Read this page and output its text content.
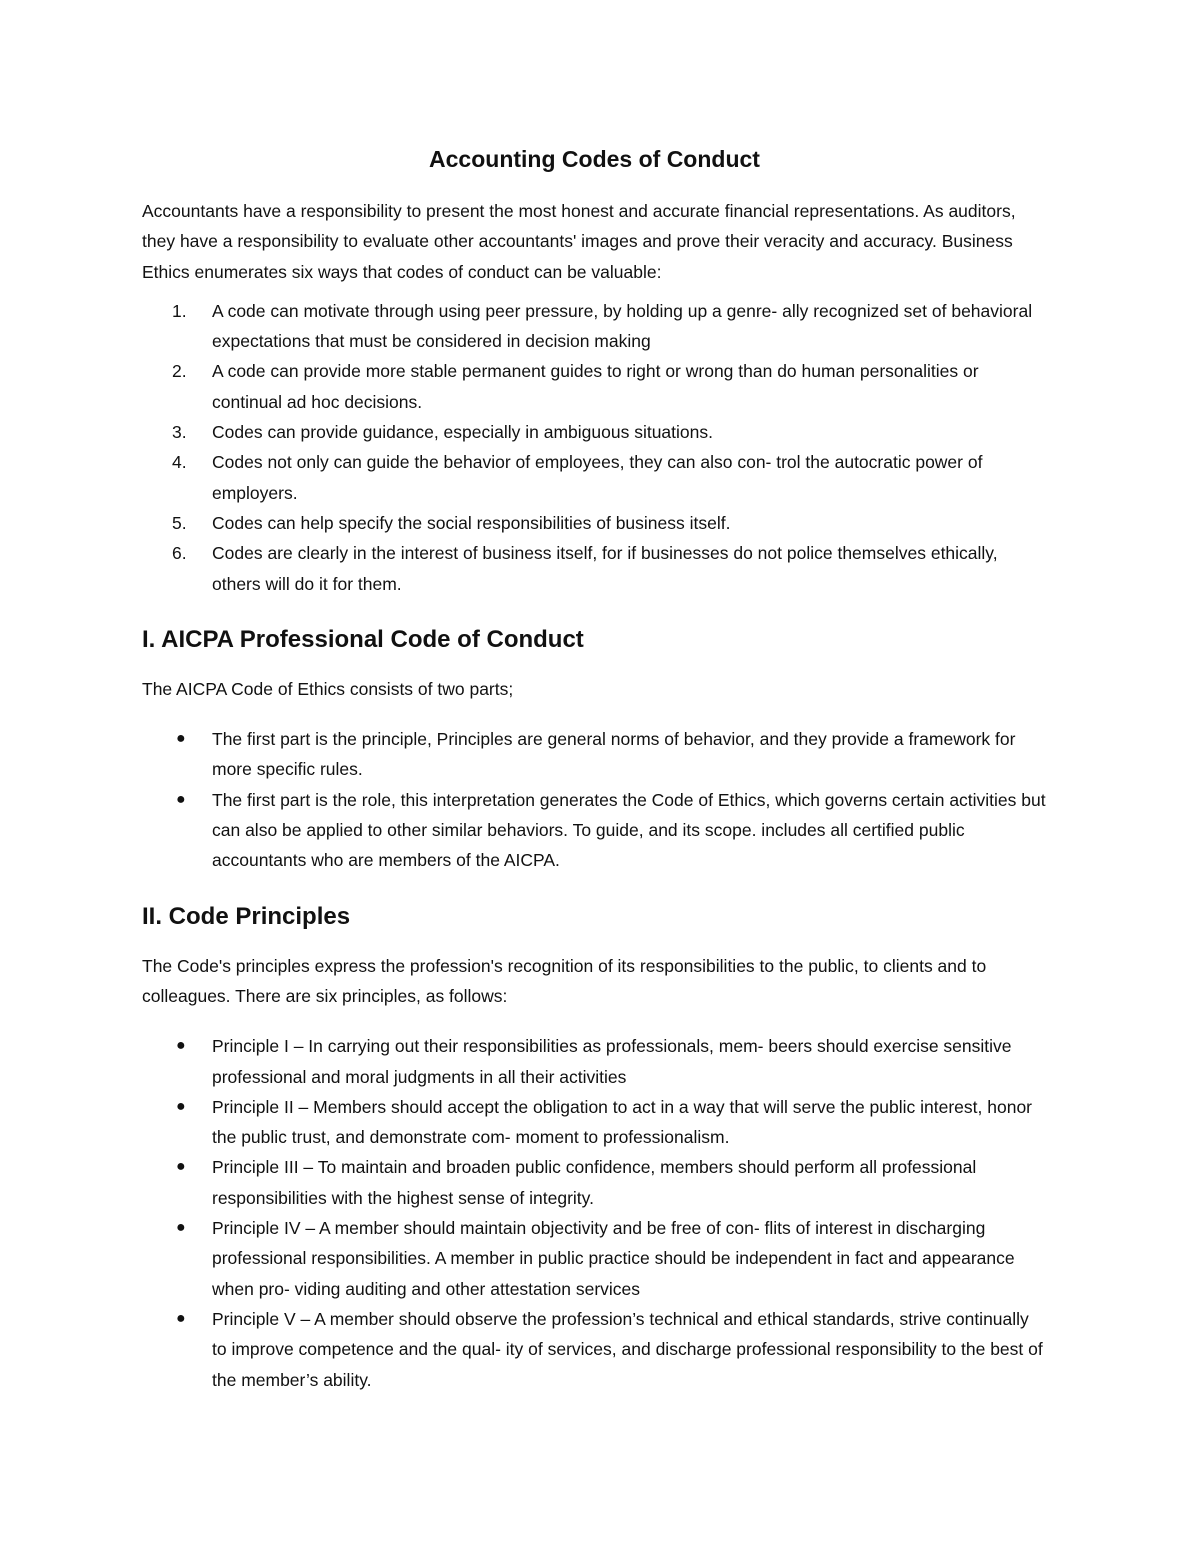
Accounting Codes of Conduct

Accountants have a responsibility to present the most honest and accurate financial representations. As auditors, they have a responsibility to evaluate other accountants' images and prove their veracity and accuracy. Business Ethics enumerates six ways that codes of conduct can be valuable:

1. A code can motivate through using peer pressure, by holding up a genre- ally recognized set of behavioral expectations that must be considered in decision making
2. A code can provide more stable permanent guides to right or wrong than do human personalities or continual ad hoc decisions.
3. Codes can provide guidance, especially in ambiguous situations.
4. Codes not only can guide the behavior of employees, they can also con- trol the autocratic power of employers.
5. Codes can help specify the social responsibilities of business itself.
6. Codes are clearly in the interest of business itself, for if businesses do not police themselves ethically, others will do it for them.
I. AICPA Professional Code of Conduct

The AICPA Code of Ethics consists of two parts;

● The first part is the principle, Principles are general norms of behavior, and they provide a framework for more specific rules.
● The first part is the role, this interpretation generates the Code of Ethics, which governs certain activities but can also be applied to other similar behaviors. To guide, and its scope. includes all certified public accountants who are members of the AICPA.
II. Code Principles

The Code's principles express the profession's recognition of its responsibilities to the public, to clients and to colleagues. There are six principles, as follows:

● Principle I – In carrying out their responsibilities as professionals, mem- beers should exercise sensitive professional and moral judgments in all their activities
● Principle II – Members should accept the obligation to act in a way that will serve the public interest, honor the public trust, and demonstrate com- moment to professionalism.
● Principle III – To maintain and broaden public confidence, members should perform all professional responsibilities with the highest sense of integrity.
● Principle IV – A member should maintain objectivity and be free of con- flits of interest in discharging professional responsibilities. A member in public practice should be independent in fact and appearance when pro- viding auditing and other attestation services
● Principle V – A member should observe the profession’s technical and ethical standards, strive continually to improve competence and the qual- ity of services, and discharge professional responsibility to the best of the member’s ability.
